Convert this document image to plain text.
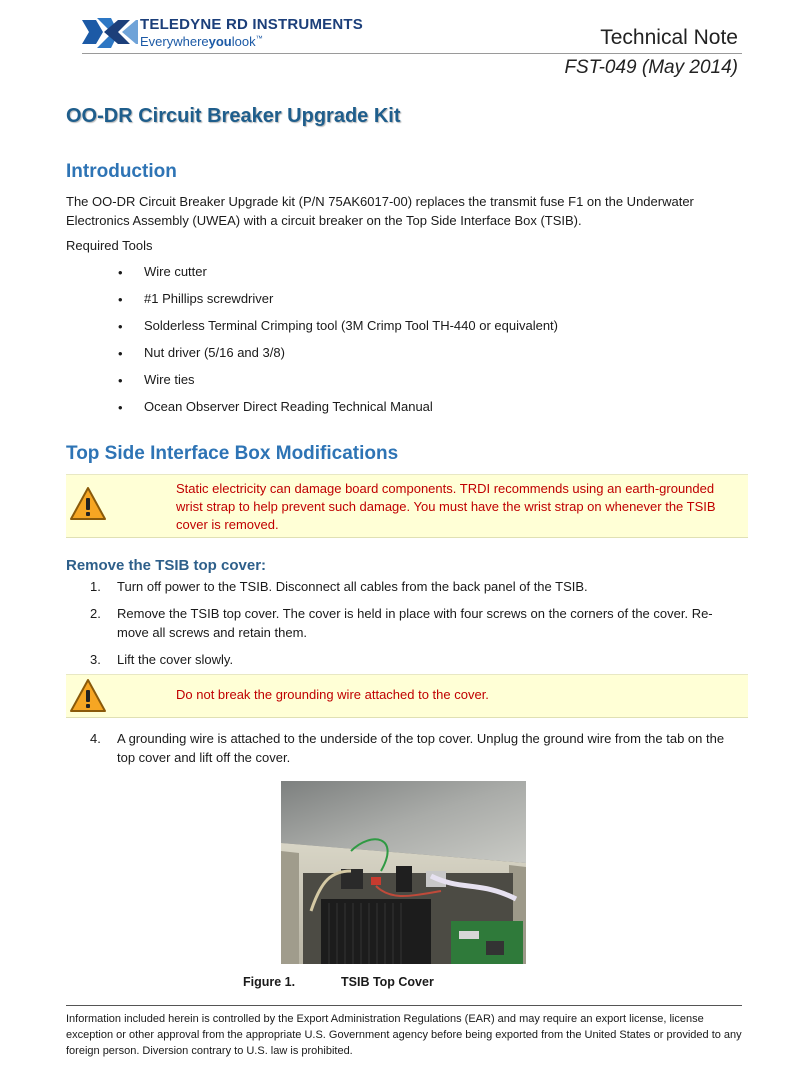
TELEDYNE RD INSTRUMENTS
Everywhereyoulook™	Technical Note
FST-049 (May 2014)
OO-DR Circuit Breaker Upgrade Kit
Introduction
The OO-DR Circuit Breaker Upgrade kit (P/N 75AK6017-00) replaces the transmit fuse F1 on the Underwater Electronics Assembly (UWEA) with a circuit breaker on the Top Side Interface Box (TSIB).
Required Tools
• Wire cutter
• #1 Phillips screwdriver
• Solderless Terminal Crimping tool (3M Crimp Tool TH-440 or equivalent)
• Nut driver (5/16 and 3/8)
• Wire ties
• Ocean Observer Direct Reading Technical Manual
Top Side Interface Box Modifications
Static electricity can damage board components. TRDI recommends using an earth-grounded wrist strap to help prevent such damage. You must have the wrist strap on whenever the TSIB cover is removed.
Remove the TSIB top cover:
1. Turn off power to the TSIB. Disconnect all cables from the back panel of the TSIB.
2. Remove the TSIB top cover. The cover is held in place with four screws on the corners of the cover. Re-move all screws and retain them.
3. Lift the cover slowly.
Do not break the grounding wire attached to the cover.
4. A grounding wire is attached to the underside of the top cover. Unplug the ground wire from the tab on the top cover and lift off the cover.
Figure 1.	TSIB Top Cover
Information included herein is controlled by the Export Administration Regulations (EAR) and may require an export license, license exception or other approval from the appropriate U.S. Government agency before being exported from the United States or provided to any foreign person. Diversion contrary to U.S. law is prohibited.
